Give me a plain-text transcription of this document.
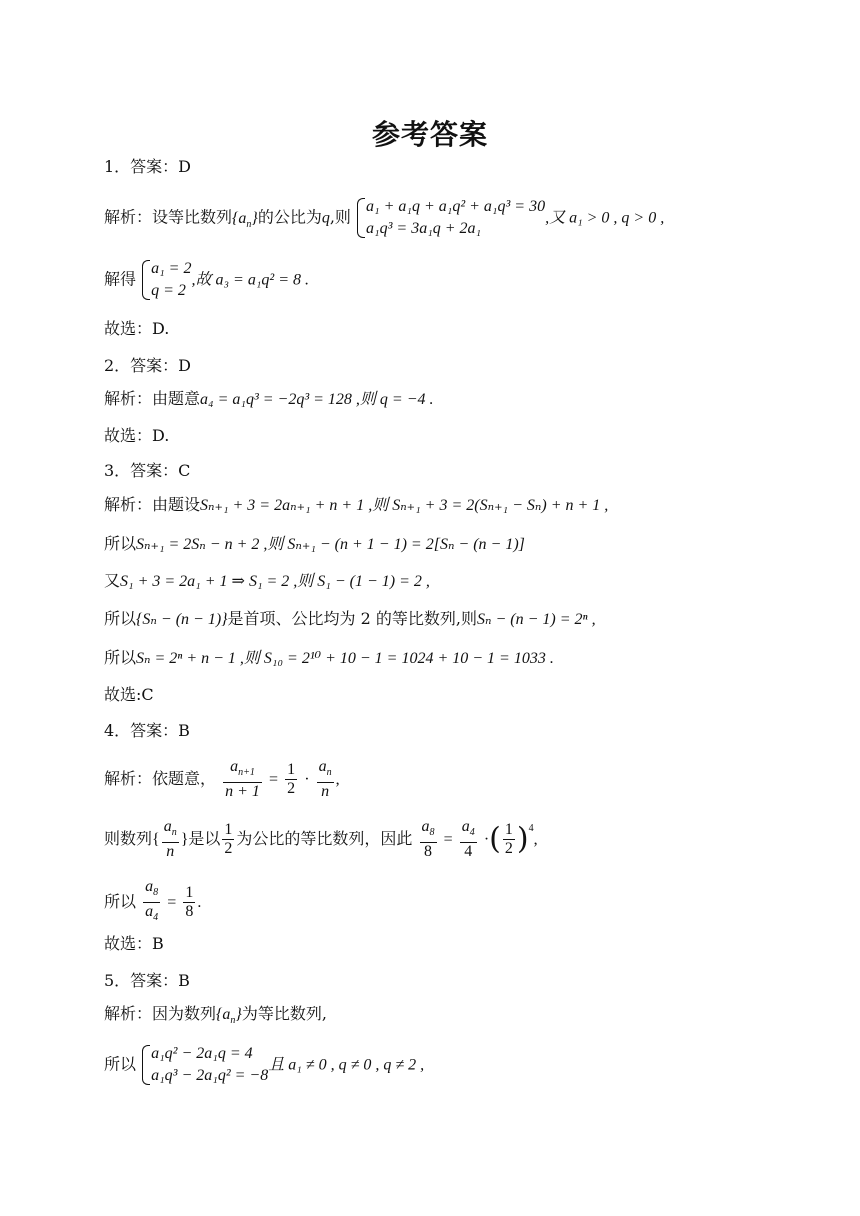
参考答案
1．答案：D
解析：设等比数列$\{a_n\}$的公比为q,则
a₁ + a₁q + a₁q² + a₁q³ = 30
a₁q³ = 3a₁q + 2a₁
,又 a₁ > 0 , q > 0 ,
解得
a₁ = 2
q = 2
,故 a₃ = a₁q² = 8 .
故选：D.
2．答案：D
解析：由题意a₄ = a₁q³ = −2q³ = 128 ,则 q = −4 .
故选：D.
3．答案：C
解析：由题设Sₙ₊₁ + 3 = 2aₙ₊₁ + n + 1 ,则 Sₙ₊₁ + 3 = 2(Sₙ₊₁ − Sₙ) + n + 1 ,
所以Sₙ₊₁ = 2Sₙ − n + 2 ,则 Sₙ₊₁ − (n + 1 − 1) = 2[Sₙ − (n − 1)]
又S₁ + 3 = 2a₁ + 1 ⇒ S₁ = 2 ,则 S₁ − (1 − 1) = 2 ,
所以{Sₙ − (n − 1)}是首项、公比均为 2 的等比数列,则Sₙ − (n − 1) = 2ⁿ ,
所以Sₙ = 2ⁿ + n − 1 ,则 S₁₀ = 2¹⁰ + 10 − 1 = 1024 + 10 − 1 = 1033 .
故选:C
4．答案：B
解析：依题意， $\frac{a_{n+1}}{n + 1} = \frac{1}{2} \cdot \frac{a_n}{n}$ ,
则数列{ $\frac{a_n}{n}$ }是以 $\frac{1}{2}$ 为公比的等比数列，因此 $\frac{a_8}{8} = \frac{a_4}{4}$ ·( $\frac{1}{2} )^4$,
所以 $\frac{a_8}{a_4} = \frac{1}{8}$ .
故选：B
5．答案：B
解析：因为数列$\{a_n\}$为等比数列,
所以
a₁q² − 2a₁q = 4
a₁q³ − 2a₁q² = −8
且 a₁ ≠ 0 , q ≠ 0 , q ≠ 2 ,
